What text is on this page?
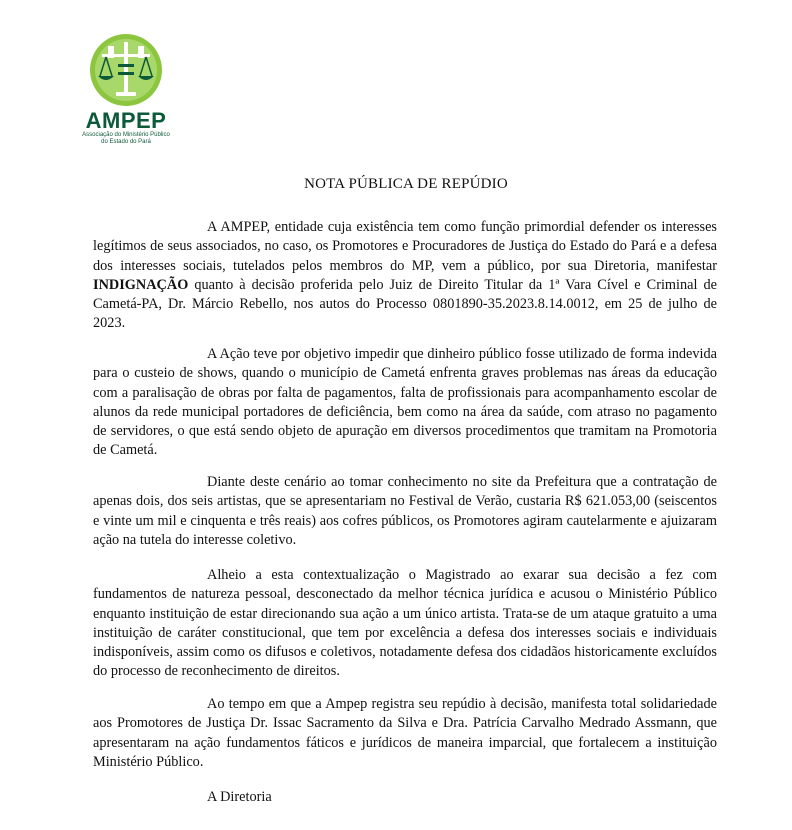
AMPEP
Associação do Ministério Público
do Estado do Pará
NOTA PÚBLICA DE REPÚDIO

A AMPEP, entidade cuja existência tem como função primordial defender os interesses legítimos de seus associados, no caso, os Promotores e Procuradores de Justiça do Estado do Pará e a defesa dos interesses sociais, tutelados pelos membros do MP, vem a público, por sua Diretoria, manifestar INDIGNAÇÃO quanto à decisão proferida pelo Juiz de Direito Titular da 1ª Vara Cível e Criminal de Cametá-PA, Dr. Márcio Rebello, nos autos do Processo 0801890-35.2023.8.14.0012, em 25 de julho de 2023.

A Ação teve por objetivo impedir que dinheiro público fosse utilizado de forma indevida para o custeio de shows, quando o município de Cametá enfrenta graves problemas nas áreas da educação com a paralisação de obras por falta de pagamentos, falta de profissionais para acompanhamento escolar de alunos da rede municipal portadores de deficiência, bem como na área da saúde, com atraso no pagamento de servidores, o que está sendo objeto de apuração em diversos procedimentos que tramitam na Promotoria de Cametá.

Diante deste cenário ao tomar conhecimento no site da Prefeitura que a contratação de apenas dois, dos seis artistas, que se apresentariam no Festival de Verão, custaria R$ 621.053,00 (seiscentos e vinte um mil e cinquenta e três reais) aos cofres públicos, os Promotores agiram cautelarmente e ajuizaram ação na tutela do interesse coletivo.

Alheio a esta contextualização o Magistrado ao exarar sua decisão a fez com fundamentos de natureza pessoal, desconectado da melhor técnica jurídica e acusou o Ministério Público enquanto instituição de estar direcionando sua ação a um único artista. Trata-se de um ataque gratuito a uma instituição de caráter constitucional, que tem por excelência a defesa dos interesses sociais e individuais indisponíveis, assim como os difusos e coletivos, notadamente defesa dos cidadãos historicamente excluídos do processo de reconhecimento de direitos.

Ao tempo em que a Ampep registra seu repúdio à decisão, manifesta total solidariedade aos Promotores de Justiça Dr. Issac Sacramento da Silva e Dra. Patrícia Carvalho Medrado Assmann, que apresentaram na ação fundamentos fáticos e jurídicos de maneira imparcial, que fortalecem a instituição Ministério Público.

A Diretoria
